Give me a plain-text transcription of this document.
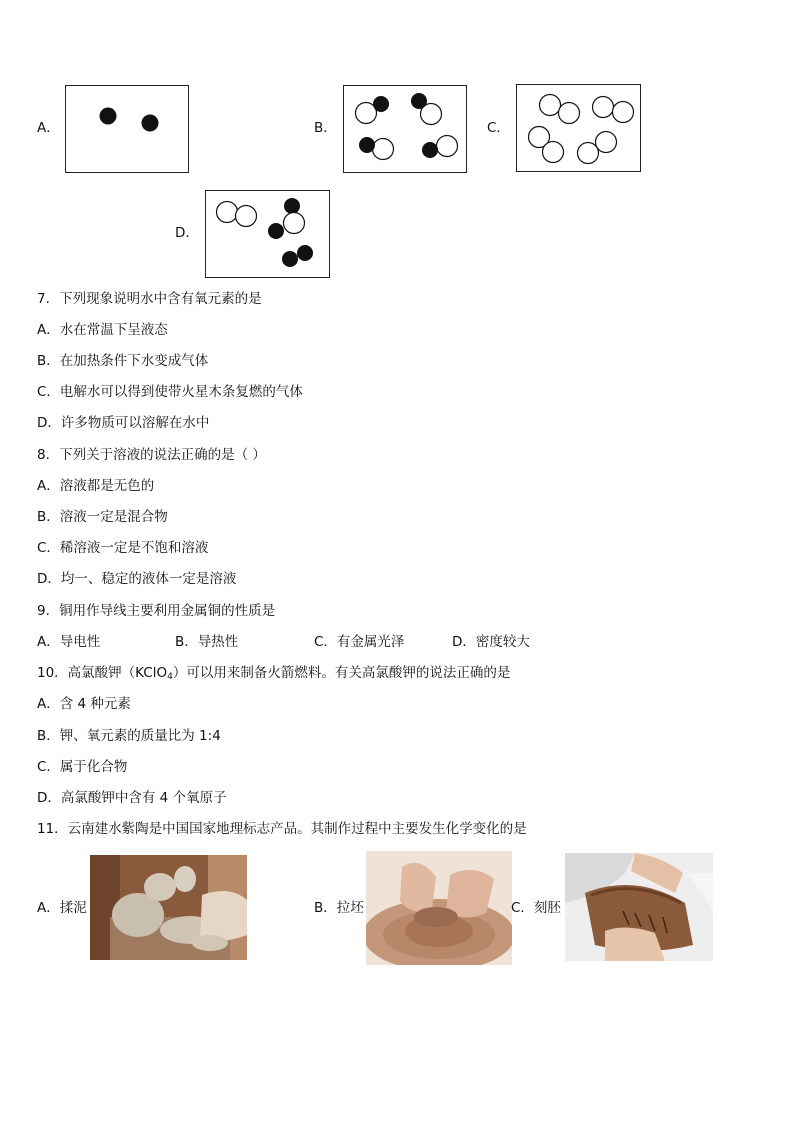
A．	B．	C．
D．
7．下列现象说明水中含有氧元素的是
A．水在常温下呈液态
B．在加热条件下水变成气体
C．电解水可以得到使带火星木条复燃的气体
D．许多物质可以溶解在水中
8．下列关于溶液的说法正确的是（ ）
A．溶液都是无色的
B．溶液一定是混合物
C．稀溶液一定是不饱和溶液
D．均一、稳定的液体一定是溶液
9．铜用作导线主要利用金属铜的性质是
A．导电性	B．导热性	C．有金属光泽	D．密度较大
10．高氯酸钾（KClO$_4$）可以用来制备火箭燃料。有关高氯酸钾的说法正确的是
A．含 4 种元素
B．钾、氧元素的质量比为 1:4
C．属于化合物
D．高氯酸钾中含有 4 个氧原子
11．云南建水紫陶是中国国家地理标志产品。其制作过程中主要发生化学变化的是
A．揉泥	B．拉坯	C．刻胚
